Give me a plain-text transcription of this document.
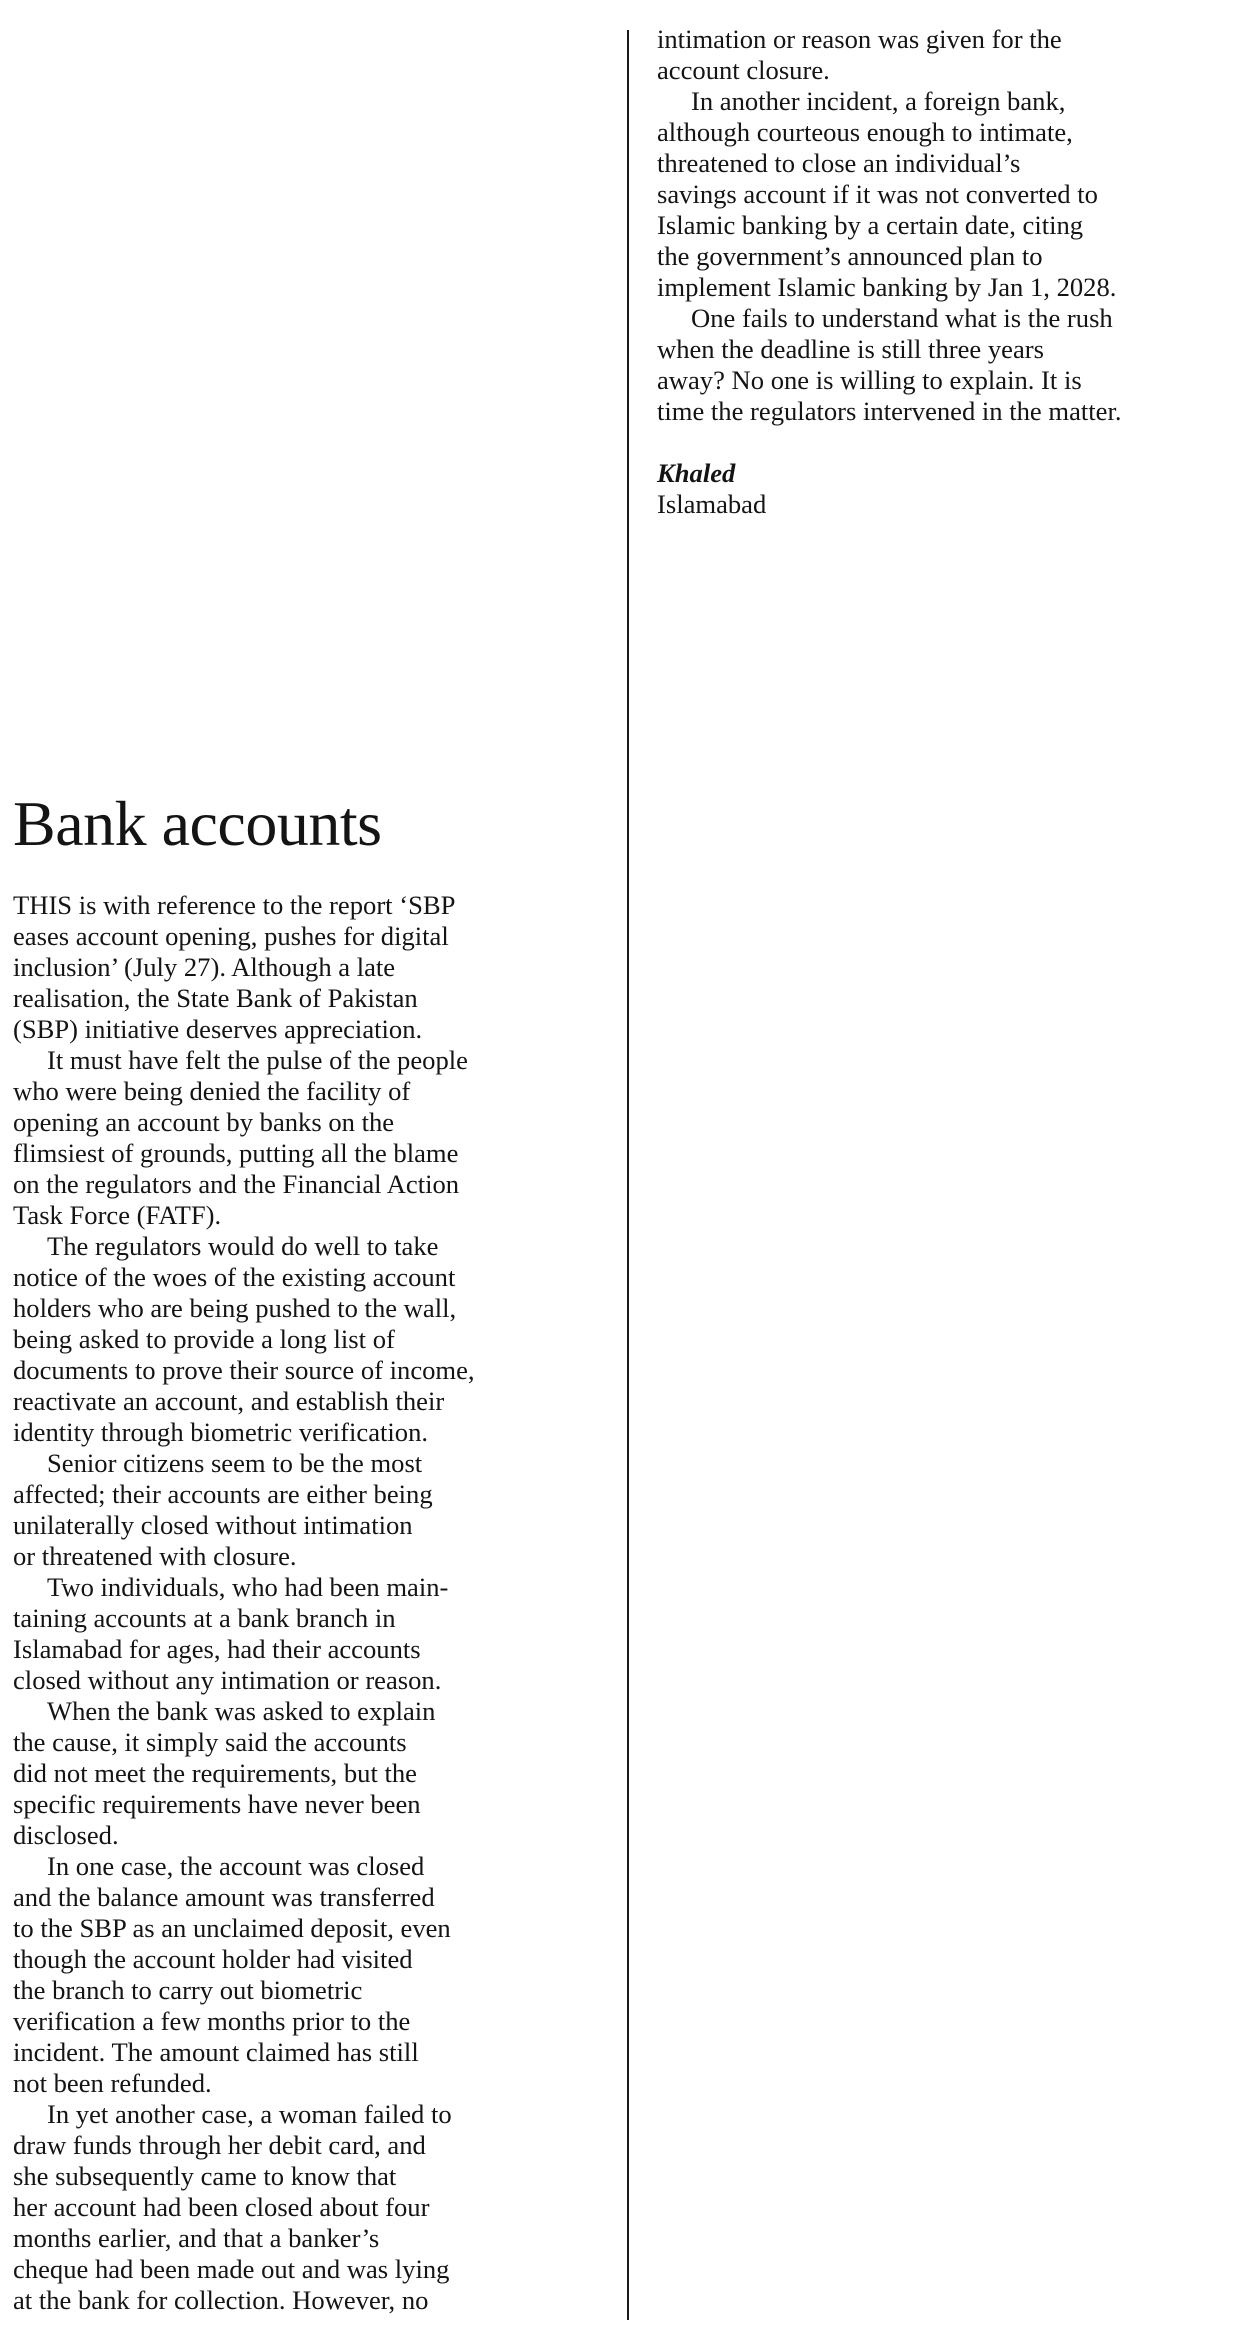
Bank accounts
THIS is with reference to the report ‘SBP
eases account opening, pushes for digital
inclusion’ (July 27). Although a late
realisation, the State Bank of Pakistan
(SBP) initiative deserves appreciation.
It must have felt the pulse of the people
who were being denied the facility of
opening an account by banks on the
flimsiest of grounds, putting all the blame
on the regulators and the Financial Action
Task Force (FATF).
The regulators would do well to take
notice of the woes of the existing account
holders who are being pushed to the wall,
being asked to provide a long list of
documents to prove their source of income,
reactivate an account, and establish their
identity through biometric verification.
Senior citizens seem to be the most
affected; their accounts are either being
unilaterally closed without intimation
or threatened with closure.
Two individuals, who had been main-
taining accounts at a bank branch in
Islamabad for ages, had their accounts
closed without any intimation or reason.
When the bank was asked to explain
the cause, it simply said the accounts
did not meet the requirements, but the
specific requirements have never been
disclosed.
In one case, the account was closed
and the balance amount was transferred
to the SBP as an unclaimed deposit, even
though the account holder had visited
the branch to carry out biometric
verification a few months prior to the
incident. The amount claimed has still
not been refunded.
In yet another case, a woman failed to
draw funds through her debit card, and
she subsequently came to know that
her account had been closed about four
months earlier, and that a banker’s
cheque had been made out and was lying
at the bank for collection. However, no
intimation or reason was given for the
account closure.
In another incident, a foreign bank,
although courteous enough to intimate,
threatened to close an individual’s
savings account if it was not converted to
Islamic banking by a certain date, citing
the government’s announced plan to
implement Islamic banking by Jan 1, 2028.
One fails to understand what is the rush
when the deadline is still three years
away? No one is willing to explain. It is
time the regulators intervened in the matter.
Khaled
Islamabad
